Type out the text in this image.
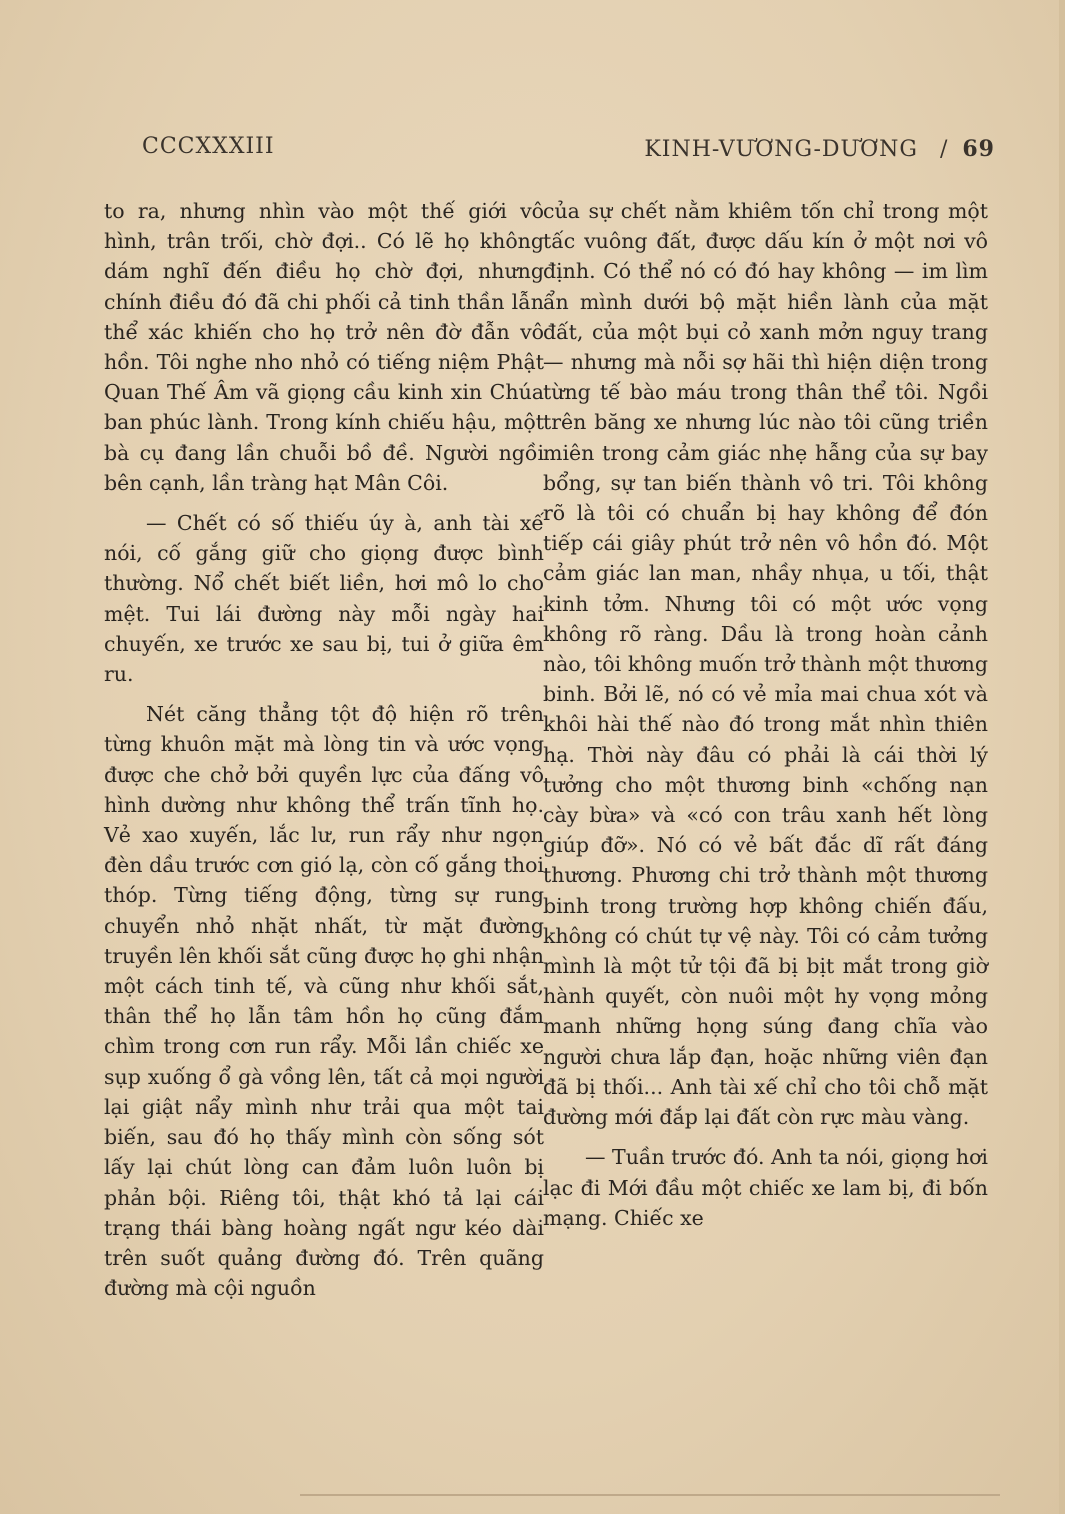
CCCXXXIII	KINH-VƯƠNG-DƯƠNG / 69

to ra, nhưng nhìn vào một thế giới vô hình, trân trối, chờ đợi.. Có lẽ họ không dám nghĩ đến điều họ chờ đợi, nhưng chính điều đó đã chi phối cả tinh thần lẫn thể xác khiến cho họ trở nên đờ đẫn vô hồn. Tôi nghe nho nhỏ có tiếng niệm Phật Quan Thế Âm vã giọng cầu kinh xin Chúa ban phúc lành. Trong kính chiếu hậu, một bà cụ đang lần chuỗi bồ đề. Người ngồi bên cạnh, lần tràng hạt Mân Côi.

— Chết có số thiếu úy à, anh tài xế nói, cố gắng giữ cho giọng được bình thường. Nổ chết biết liền, hơi mô lo cho mệt. Tui lái đường này mỗi ngày hai chuyến, xe trước xe sau bị, tui ở giữa êm ru.

Nét căng thẳng tột độ hiện rõ trên từng khuôn mặt mà lòng tin và ước vọng được che chở bởi quyền lực của đấng vô hình dường như không thể trấn tĩnh họ. Vẻ xao xuyến, lắc lư, run rẩy như ngọn đèn dầu trước cơn gió lạ, còn cố gắng thoi thóp. Từng tiếng động, từng sự rung chuyển nhỏ nhặt nhất, từ mặt đường truyền lên khối sắt cũng được họ ghi nhận một cách tinh tế, và cũng như khối sắt, thân thể họ lẫn tâm hồn họ cũng đắm chìm trong cơn run rẩy. Mỗi lần chiếc xe sụp xuống ổ gà vồng lên, tất cả mọi người lại giật nẩy mình như trải qua một tai biến, sau đó họ thấy mình còn sống sót lấy lại chút lòng can đảm luôn luôn bị phản bội. Riêng tôi, thật khó tả lại cái trạng thái bàng hoàng ngất ngư kéo dài trên suốt quảng đường đó. Trên quãng đường mà cội nguồn

của sự chết nằm khiêm tốn chỉ trong một tấc vuông đất, được dấu kín ở một nơi vô định. Có thể nó có đó hay không — im lìm ẩn mình dưới bộ mặt hiền lành của mặt đất, của một bụi cỏ xanh mởn nguy trang — nhưng mà nỗi sợ hãi thì hiện diện trong từng tế bào máu trong thân thể tôi. Ngồi trên băng xe nhưng lúc nào tôi cũng triền miên trong cảm giác nhẹ hẫng của sự bay bổng, sự tan biến thành vô tri. Tôi không rõ là tôi có chuẩn bị hay không để đón tiếp cái giây phút trở nên vô hồn đó. Một cảm giác lan man, nhầy nhụa, u tối, thật kinh tởm. Nhưng tôi có một ước vọng không rõ ràng. Dầu là trong hoàn cảnh nào, tôi không muốn trở thành một thương binh. Bởi lẽ, nó có vẻ mỉa mai chua xót và khôi hài thế nào đó trong mắt nhìn thiên hạ. Thời này đâu có phải là cái thời lý tưởng cho một thương binh «chống nạn cày bừa» và «có con trâu xanh hết lòng giúp đỡ». Nó có vẻ bất đắc dĩ rất đáng thương. Phương chi trở thành một thương binh trong trường hợp không chiến đấu, không có chút tự vệ này. Tôi có cảm tưởng mình là một tử tội đã bị bịt mắt trong giờ hành quyết, còn nuôi một hy vọng mỏng manh những họng súng đang chĩa vào người chưa lắp đạn, hoặc những viên đạn đã bị thối... Anh tài xế chỉ cho tôi chỗ mặt đường mới đắp lại đất còn rực màu vàng.

— Tuần trước đó. Anh ta nói, giọng hơi lạc đi Mới đầu một chiếc xe lam bị, đi bốn mạng. Chiếc xe
